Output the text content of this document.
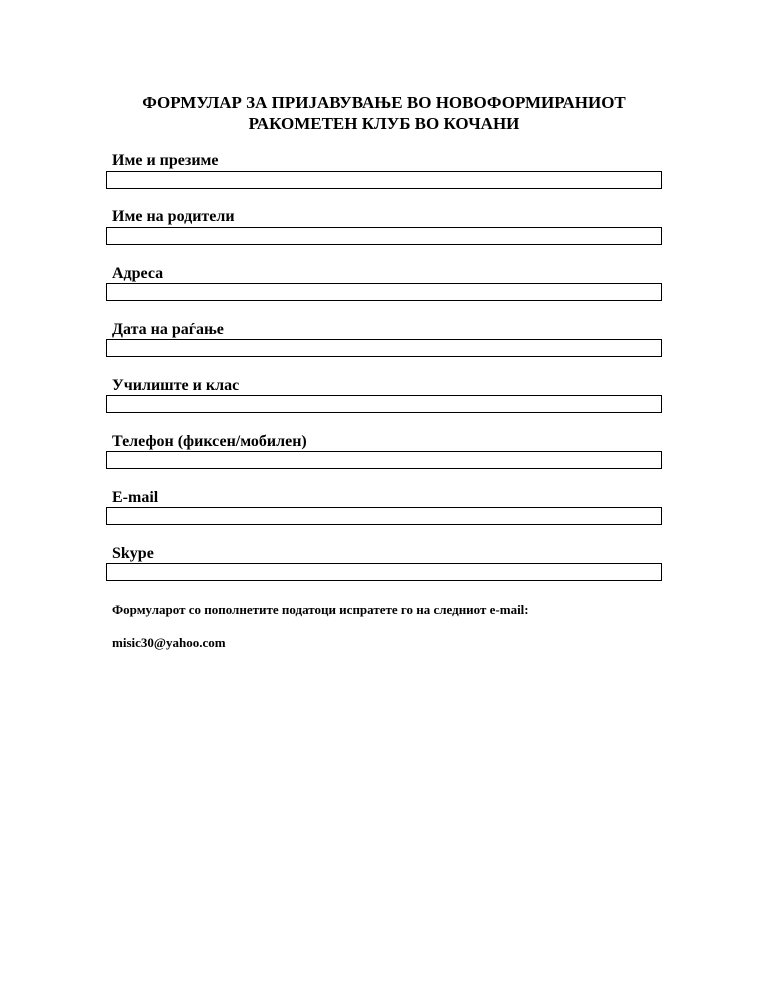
ФОРМУЛАР ЗА ПРИЈАВУВАЊЕ ВО НОВОФОРМИРАНИОТ
РАКОМЕТЕН КЛУБ ВО КОЧАНИ
Име и презиме
Име на родители
Адреса
Дата на раѓање
Училиште и клас
Телефон (фиксен/мобилен)
E-mail
Skype

Формуларот со пополнетите податоци испратете го на следниот e-mail:

misic30@yahoo.com
